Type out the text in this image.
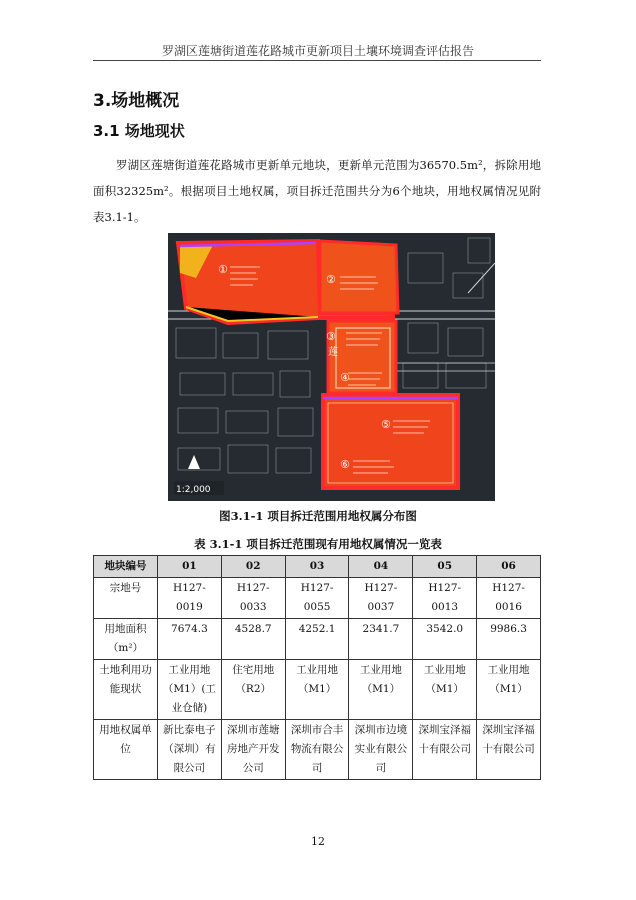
罗湖区莲塘街道莲花路城市更新项目土壤环境调查评估报告
3.场地概况
3.1 场地现状
罗湖区莲塘街道莲花路城市更新单元地块，更新单元范围为36570.5m²，拆除用地面积32325m²。根据项目土地权属，项目拆迁范围共分为6个地块，用地权属情况见附表3.1-1。
①
②
③
④
⑤
⑥
莲
1:2,000
图3.1-1 项目拆迁范围用地权属分布图
表 3.1-1 项目拆迁范围现有用地权属情况一览表
地块编号	01	02	03	04	05	06
宗地号	H127-0019	H127-0033	H127-0055	H127-0037	H127-0013	H127-0016
用地面积（m²）	7674.3	4528.7	4252.1	2341.7	3542.0	9986.3
土地利用功能现状	工业用地（M1）(工业仓储)	住宅用地（R2）	工业用地（M1）	工业用地（M1）	工业用地（M1）	工业用地（M1）
用地权属单位	新比泰电子（深圳）有限公司	深圳市莲塘房地产开发公司	深圳市合丰物流有限公司	深圳市边境实业有限公司	深圳宝泽福十有限公司	深圳宝泽福十有限公司
12
